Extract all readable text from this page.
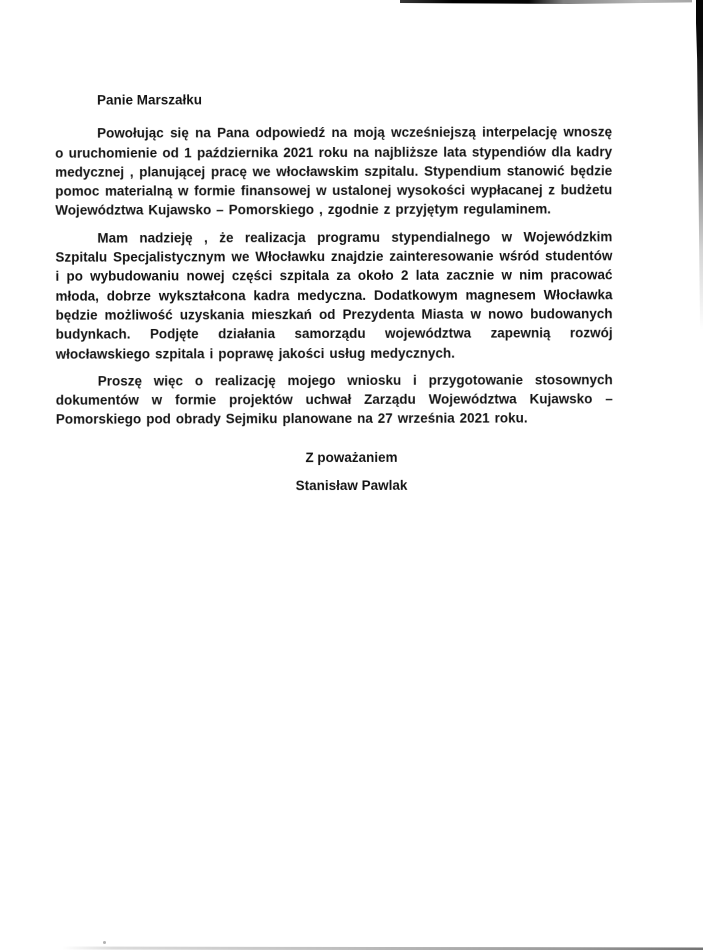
Panie Marszałku

Powołując się na Pana odpowiedź na moją wcześniejszą interpelację wnoszę o uruchomienie od 1 października 2021 roku na najbliższe lata stypendiów dla kadry medycznej , planującej pracę we włocławskim szpitalu. Stypendium stanowić będzie pomoc materialną w formie finansowej w ustalonej wysokości wypłacanej z budżetu Województwa Kujawsko – Pomorskiego , zgodnie z przyjętym regulaminem.

Mam nadzieję , że realizacja programu stypendialnego w Wojewódzkim Szpitalu Specjalistycznym we Włocławku znajdzie zainteresowanie wśród studentów i po wybudowaniu nowej części szpitala za około 2 lata zacznie w nim pracować młoda, dobrze wykształcona kadra medyczna. Dodatkowym magnesem Włocławka będzie możliwość uzyskania mieszkań od Prezydenta Miasta w nowo budowanych budynkach. Podjęte działania samorządu województwa zapewnią rozwój włocławskiego szpitala i poprawę jakości usług medycznych.

Proszę więc o realizację mojego wniosku i przygotowanie stosownych dokumentów w formie projektów uchwał Zarządu Województwa Kujawsko – Pomorskiego pod obrady Sejmiku planowane na 27 września 2021 roku.

Z poważaniem

Stanisław Pawlak
